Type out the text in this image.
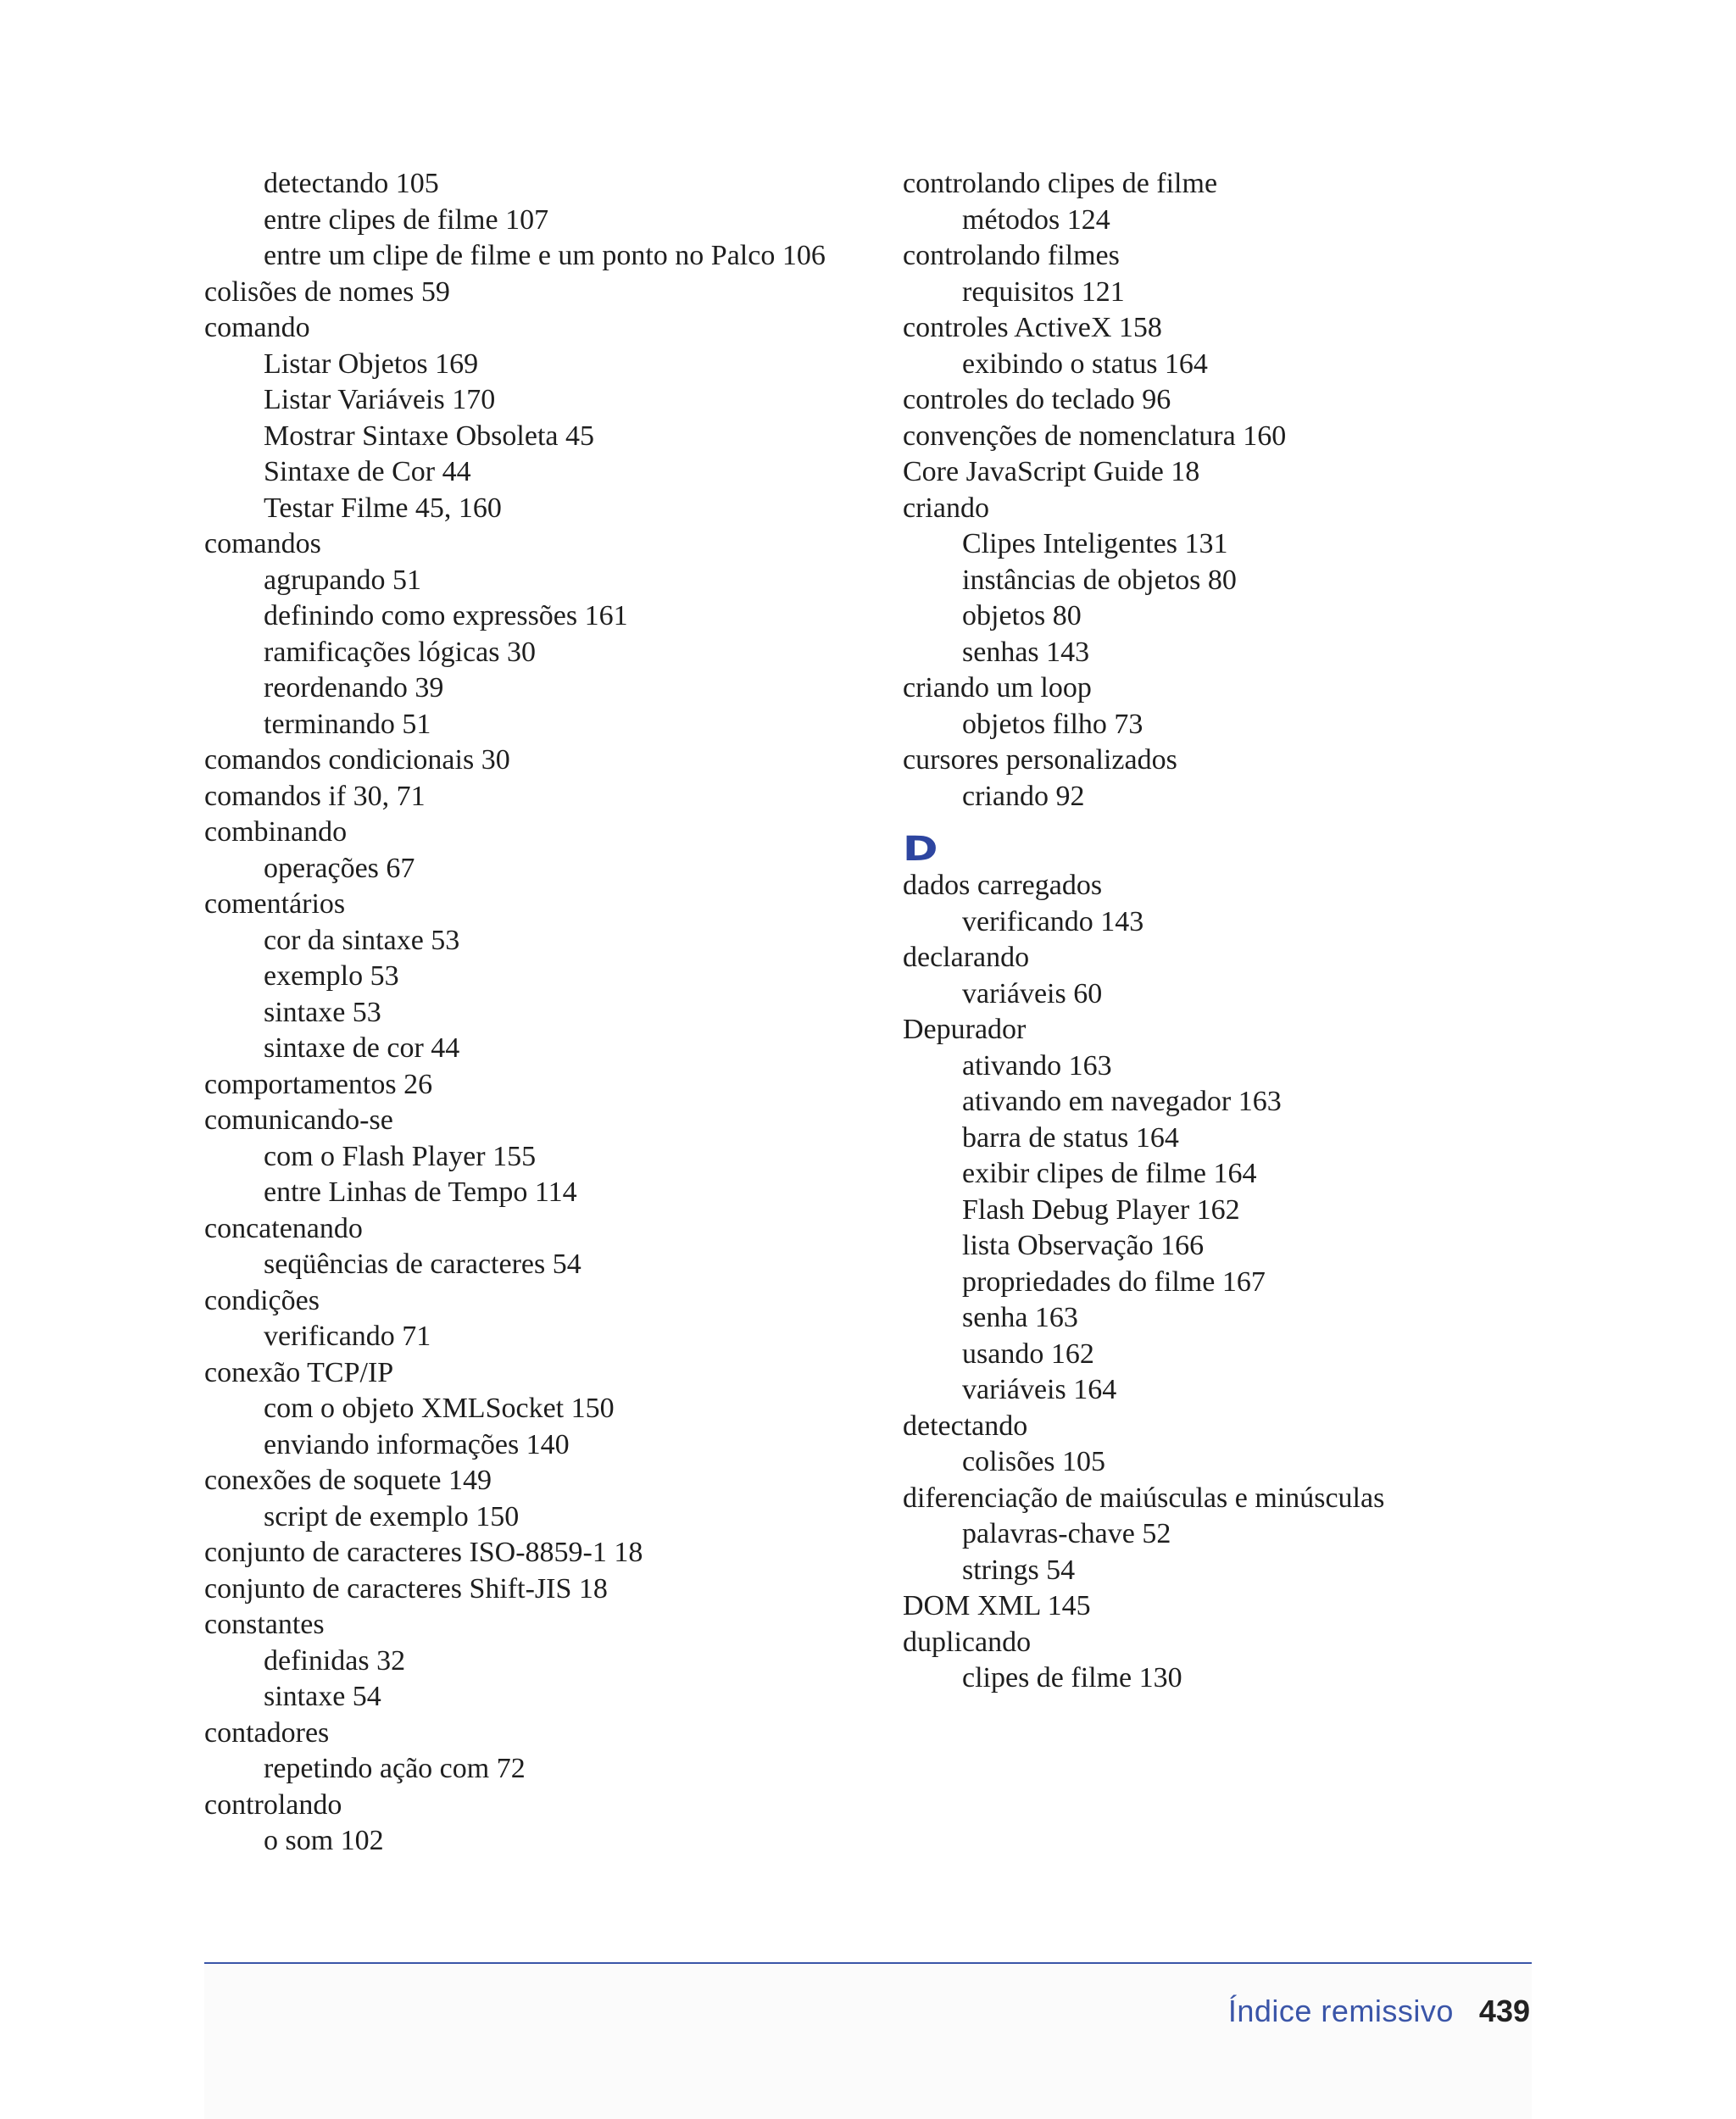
detectando 105
entre clipes de filme 107
entre um clipe de filme e um ponto no Palco 106
colisões de nomes 59
comando
Listar Objetos 169
Listar Variáveis 170
Mostrar Sintaxe Obsoleta 45
Sintaxe de Cor 44
Testar Filme 45, 160
comandos
agrupando 51
definindo como expressões 161
ramificações lógicas 30
reordenando 39
terminando 51
comandos condicionais 30
comandos if 30, 71
combinando
operações 67
comentários
cor da sintaxe 53
exemplo 53
sintaxe 53
sintaxe de cor 44
comportamentos 26
comunicando-se
com o Flash Player 155
entre Linhas de Tempo 114
concatenando
seqüências de caracteres 54
condições
verificando 71
conexão TCP/IP
com o objeto XMLSocket 150
enviando informações 140
conexões de soquete 149
script de exemplo 150
conjunto de caracteres ISO-8859-1 18
conjunto de caracteres Shift-JIS 18
constantes
definidas 32
sintaxe 54
contadores
repetindo ação com 72
controlando
o som 102
controlando clipes de filme
métodos 124
controlando filmes
requisitos 121
controles ActiveX 158
exibindo o status 164
controles do teclado 96
convenções de nomenclatura 160
Core JavaScript Guide 18
criando
Clipes Inteligentes 131
instâncias de objetos 80
objetos 80
senhas 143
criando um loop
objetos filho 73
cursores personalizados
criando 92
D
dados carregados
verificando 143
declarando
variáveis 60
Depurador
ativando 163
ativando em navegador 163
barra de status 164
exibir clipes de filme 164
Flash Debug Player 162
lista Observação 166
propriedades do filme 167
senha 163
usando 162
variáveis 164
detectando
colisões 105
diferenciação de maiúsculas e minúsculas
palavras-chave 52
strings 54
DOM XML 145
duplicando
clipes de filme 130
Índice remissivo 439
